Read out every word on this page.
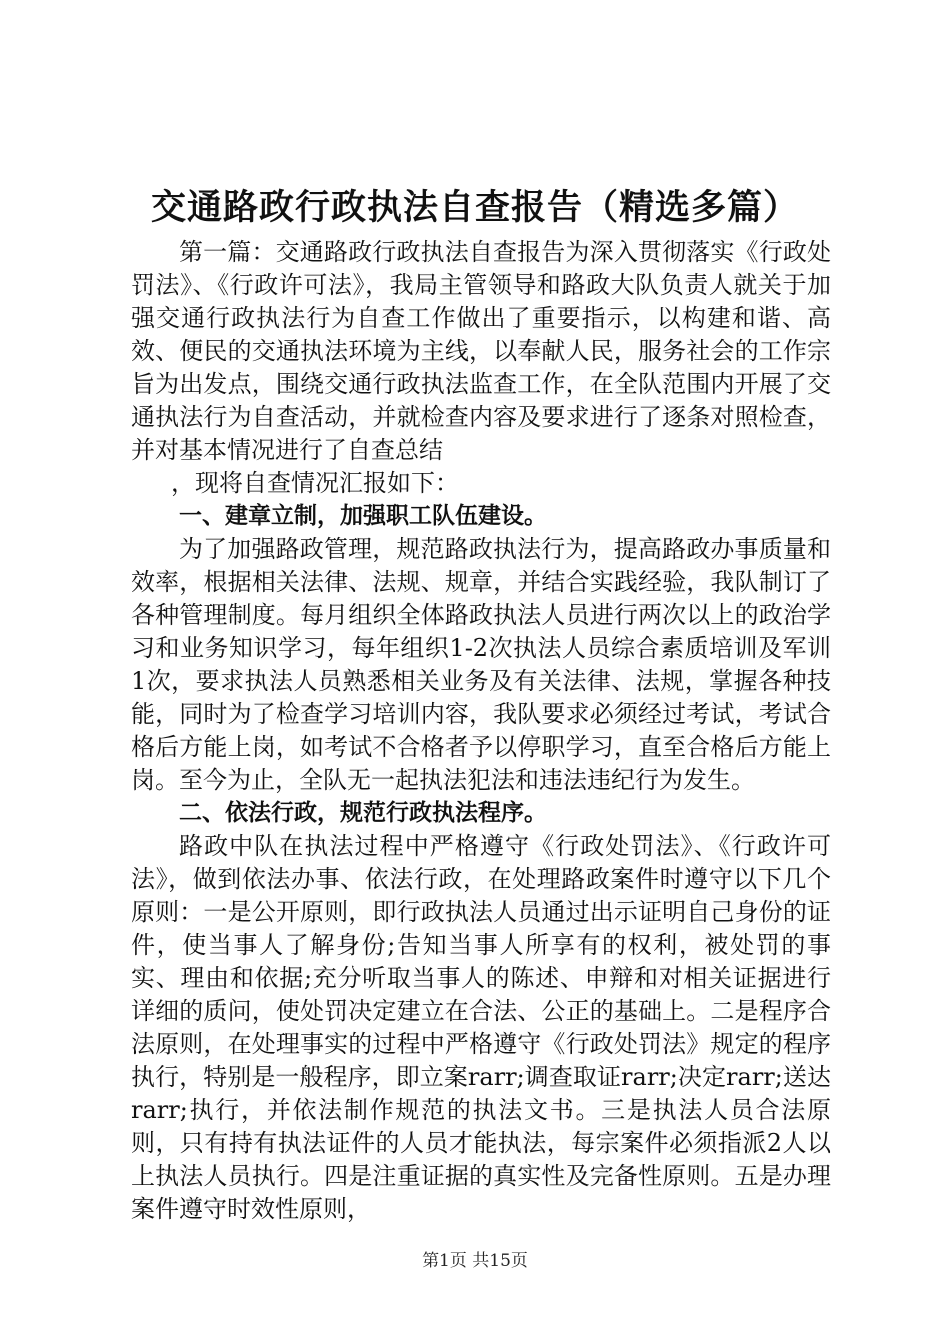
交通路政行政执法自查报告（精选多篇）

第一篇：交通路政行政执法自查报告为深入贯彻落实《行政处罚法》、《行政许可法》，我局主管领导和路政大队负责人就关于加强交通行政执法行为自查工作做出了重要指示，以构建和谐、高效、便民的交通执法环境为主线，以奉献人民，服务社会的工作宗旨为出发点，围绕交通行政执法监查工作，在全队范围内开展了交通执法行为自查活动，并就检查内容及要求进行了逐条对照检查，并对基本情况进行了自查总结

，现将自查情况汇报如下：

一、建章立制，加强职工队伍建设。

为了加强路政管理，规范路政执法行为，提高路政办事质量和效率，根据相关法律、法规、规章，并结合实践经验，我队制订了各种管理制度。每月组织全体路政执法人员进行两次以上的政治学习和业务知识学习，每年组织1-2次执法人员综合素质培训及军训1次，要求执法人员熟悉相关业务及有关法律、法规，掌握各种技能，同时为了检查学习培训内容，我队要求必须经过考试，考试合格后方能上岗，如考试不合格者予以停职学习，直至合格后方能上岗。至今为止，全队无一起执法犯法和违法违纪行为发生。

二、依法行政，规范行政执法程序。

路政中队在执法过程中严格遵守《行政处罚法》、《行政许可法》，做到依法办事、依法行政，在处理路政案件时遵守以下几个原则：一是公开原则，即行政执法人员通过出示证明自己身份的证件，使当事人了解身份;告知当事人所享有的权利，被处罚的事实、理由和依据;充分听取当事人的陈述、申辩和对相关证据进行详细的质问，使处罚决定建立在合法、公正的基础上。二是程序合法原则，在处理事实的过程中严格遵守《行政处罚法》规定的程序执行，特别是一般程序，即立案rarr;调查取证rarr;决定rarr;送达rarr;执行，并依法制作规范的执法文书。三是执法人员合法原则，只有持有执法证件的人员才能执法，每宗案件必须指派2人以上执法人员执行。四是注重证据的真实性及完备性原则。五是办理案件遵守时效性原则，

第1页 共15页
